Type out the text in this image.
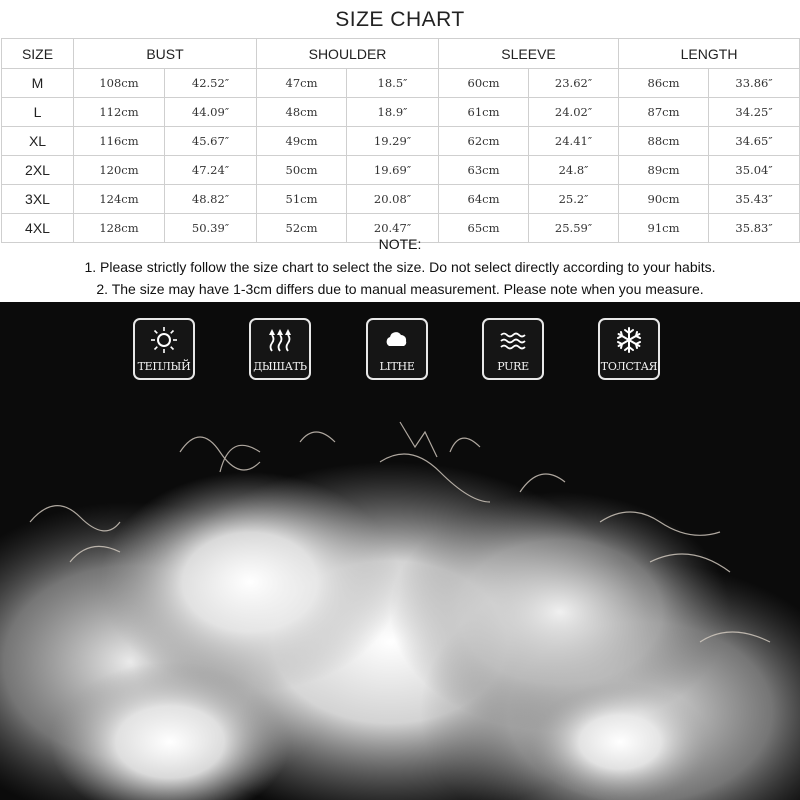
SIZE CHART
SIZE	BUST		SHOULDER		SLEEVE		LENGTH	
M	108cm	42.52″	47cm	18.5″	60cm	23.62″	86cm	33.86″
L	112cm	44.09″	48cm	18.9″	61cm	24.02″	87cm	34.25″
XL	116cm	45.67″	49cm	19.29″	62cm	24.41″	88cm	34.65″
2XL	120cm	47.24″	50cm	19.69″	63cm	24.8″	89cm	35.04″
3XL	124cm	48.82″	51cm	20.08″	64cm	25.2″	90cm	35.43″
4XL	128cm	50.39″	52cm	20.47″	65cm	25.59″	91cm	35.83″
NOTE:
1. Please strictly follow the size chart to select the size. Do not select directly according to your habits.
2. The size may have 1-3cm differs due to manual measurement. Please note when you measure.
ТЕПЛЫЙ	ДЫШАТЬ	LITHE	PURE	ТОЛСТАЯ
